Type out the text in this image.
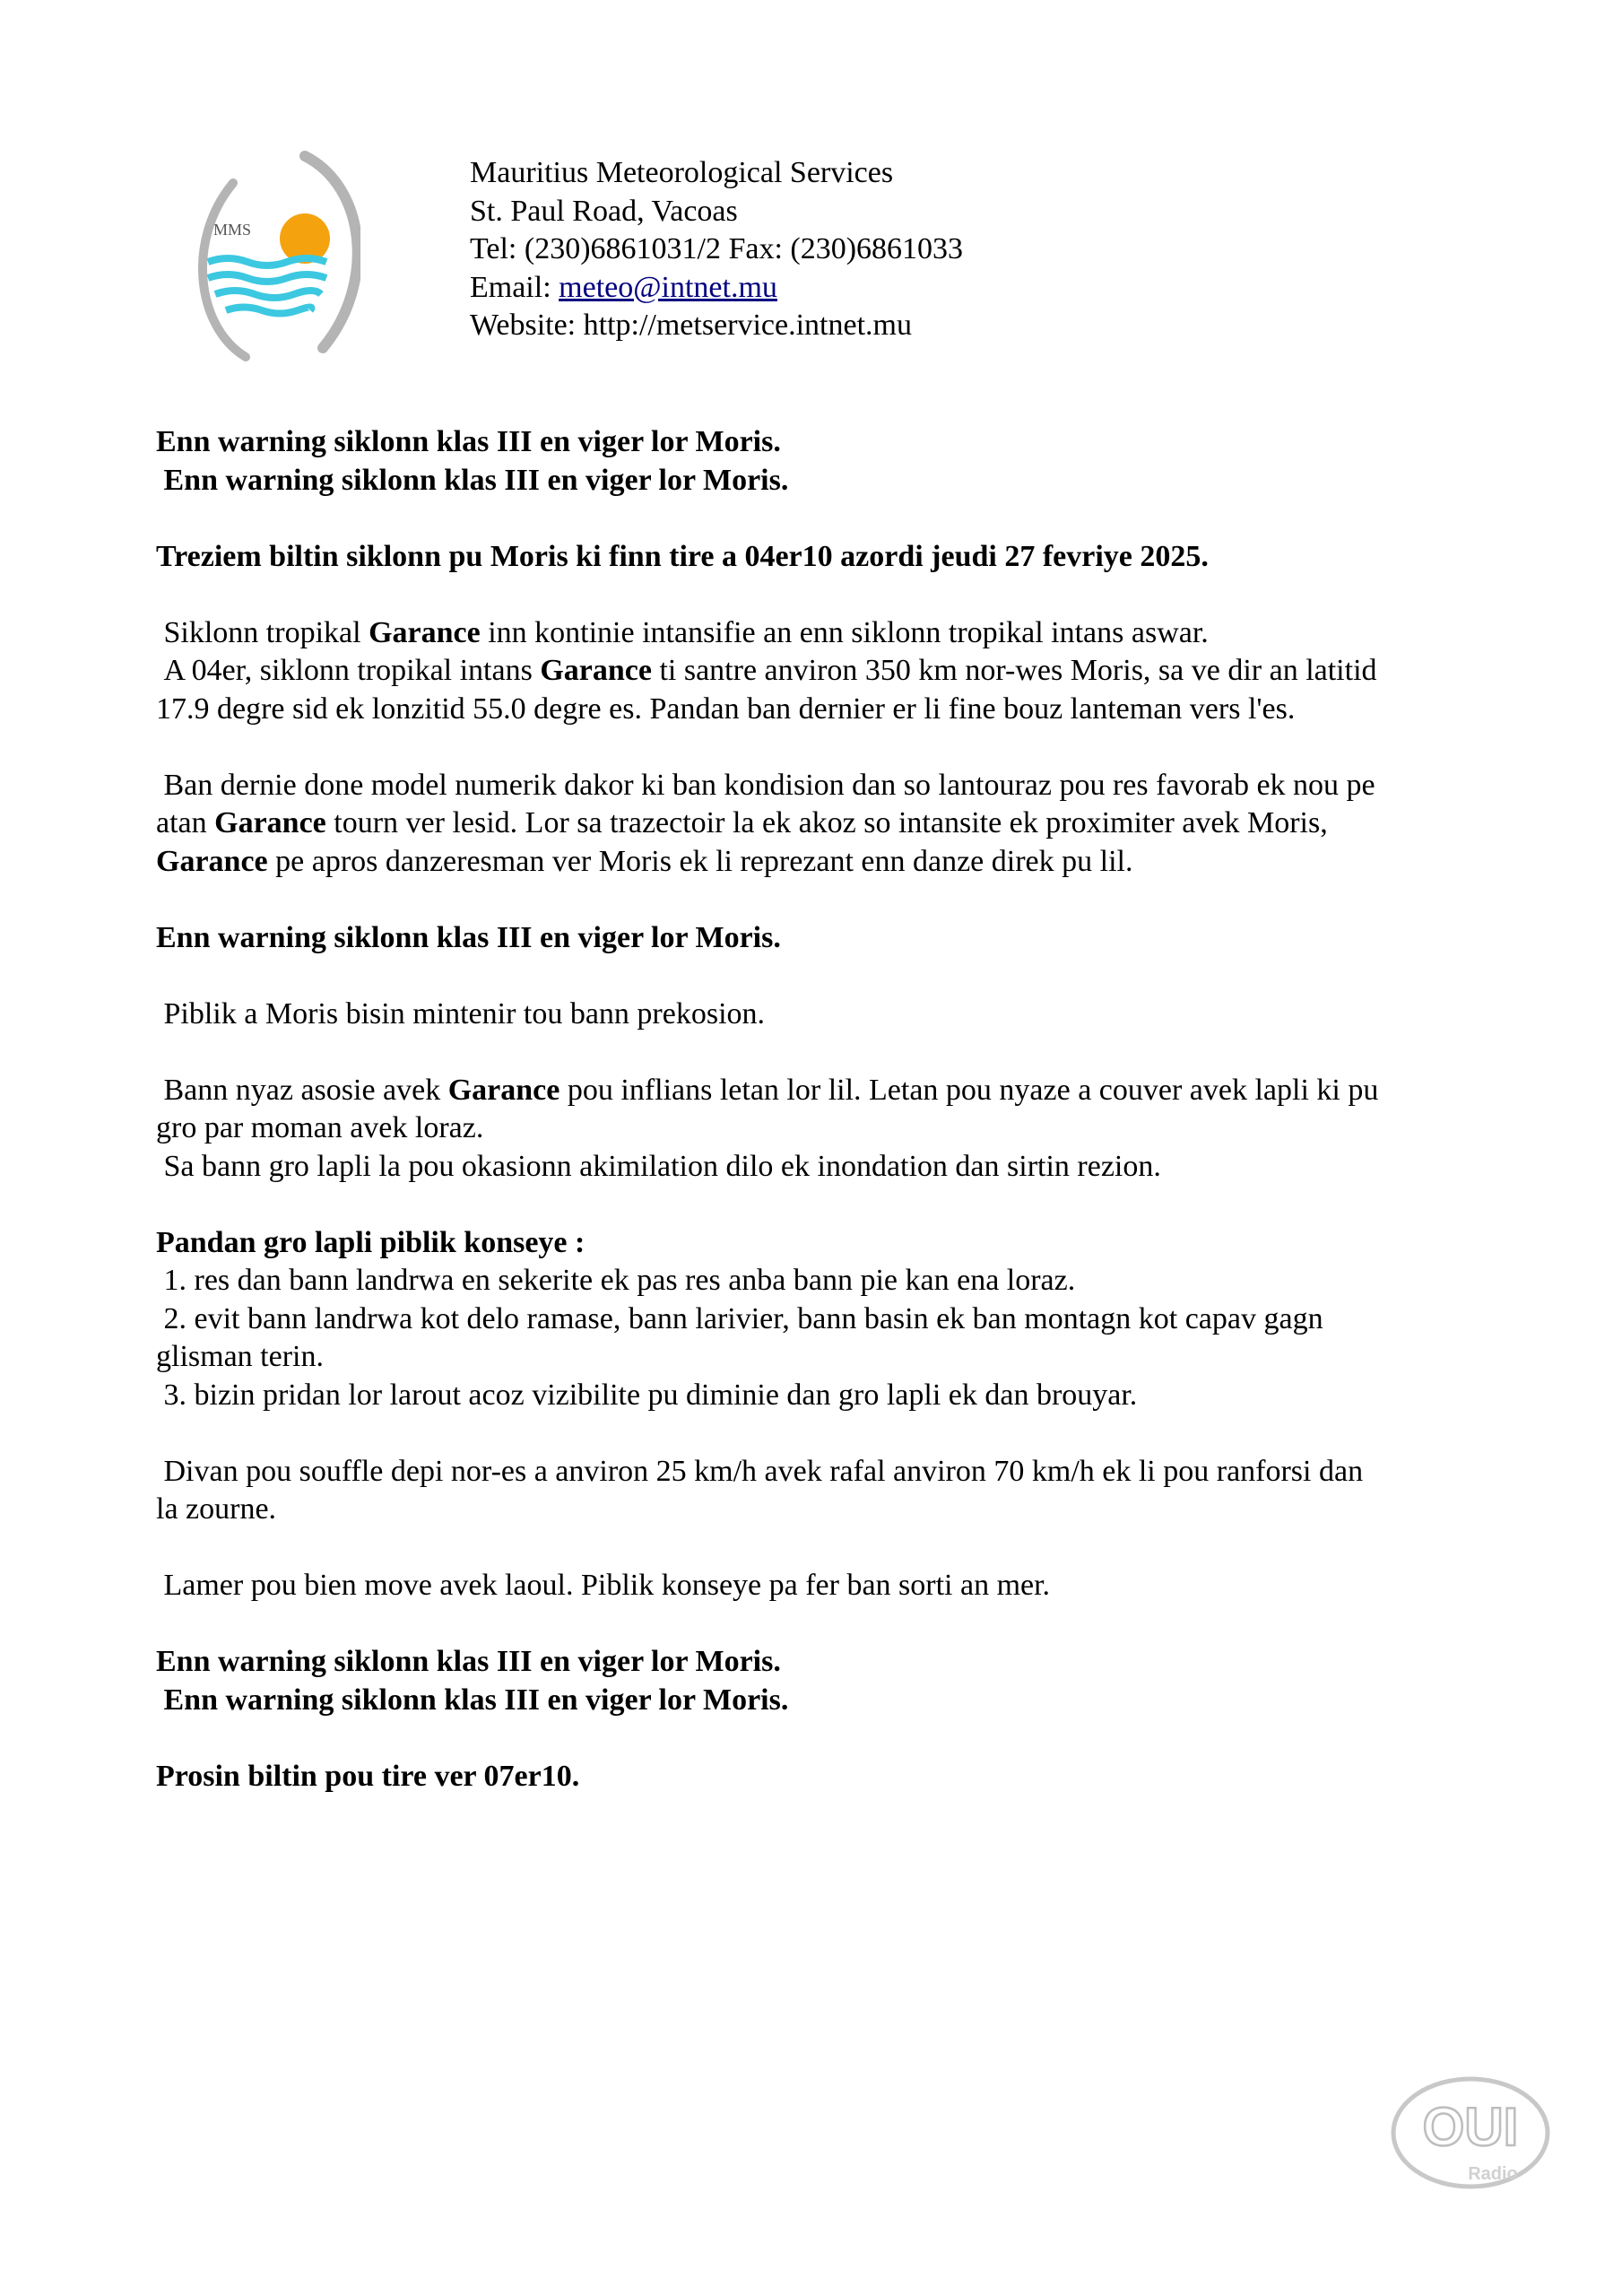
MMS
Mauritius Meteorological Services
St. Paul Road, Vacoas
Tel: (230)6861031/2 Fax: (230)6861033
Email: meteo@intnet.mu
Website: http://metservice.intnet.mu
Enn warning siklonn klas III en viger lor Moris.
Enn warning siklonn klas III en viger lor Moris.
Treziem biltin siklonn pu Moris ki finn tire a 04er10 azordi jeudi 27 fevriye 2025.
Siklonn tropikal Garance inn kontinie intansifie an enn siklonn tropikal intans aswar.
A 04er, siklonn tropikal intans Garance ti santre anviron 350 km nor-wes Moris, sa ve dir an latitid
17.9 degre sid ek lonzitid 55.0 degre es. Pandan ban dernier er li fine bouz lanteman vers l'es.
Ban dernie done model numerik dakor ki ban kondision dan so lantouraz pou res favorab ek nou pe
atan Garance tourn ver lesid. Lor sa trazectoir la ek akoz so intansite ek proximiter avek Moris,
Garance pe apros danzeresman ver Moris ek li reprezant enn danze direk pu lil.
Enn warning siklonn klas III en viger lor Moris.
Piblik a Moris bisin mintenir tou bann prekosion.
Bann nyaz asosie avek Garance pou inflians letan lor lil. Letan pou nyaze a couver avek lapli ki pu
gro par moman avek loraz.
Sa bann gro lapli la pou okasionn akimilation dilo ek inondation dan sirtin rezion.
Pandan gro lapli piblik konseye :
1. res dan bann landrwa en sekerite ek pas res anba bann pie kan ena loraz.
2. evit bann landrwa kot delo ramase, bann larivier, bann basin ek ban montagn kot capav gagn
glisman terin.
3. bizin pridan lor larout acoz vizibilite pu diminie dan gro lapli ek dan brouyar.
Divan pou souffle depi nor-es a anviron 25 km/h avek rafal anviron 70 km/h ek li pou ranforsi dan
la zourne.
Lamer pou bien move avek laoul. Piblik konseye pa fer ban sorti an mer.
Enn warning siklonn klas III en viger lor Moris.
Enn warning siklonn klas III en viger lor Moris.
Prosin biltin pou tire ver 07er10.
OUI
Radio
